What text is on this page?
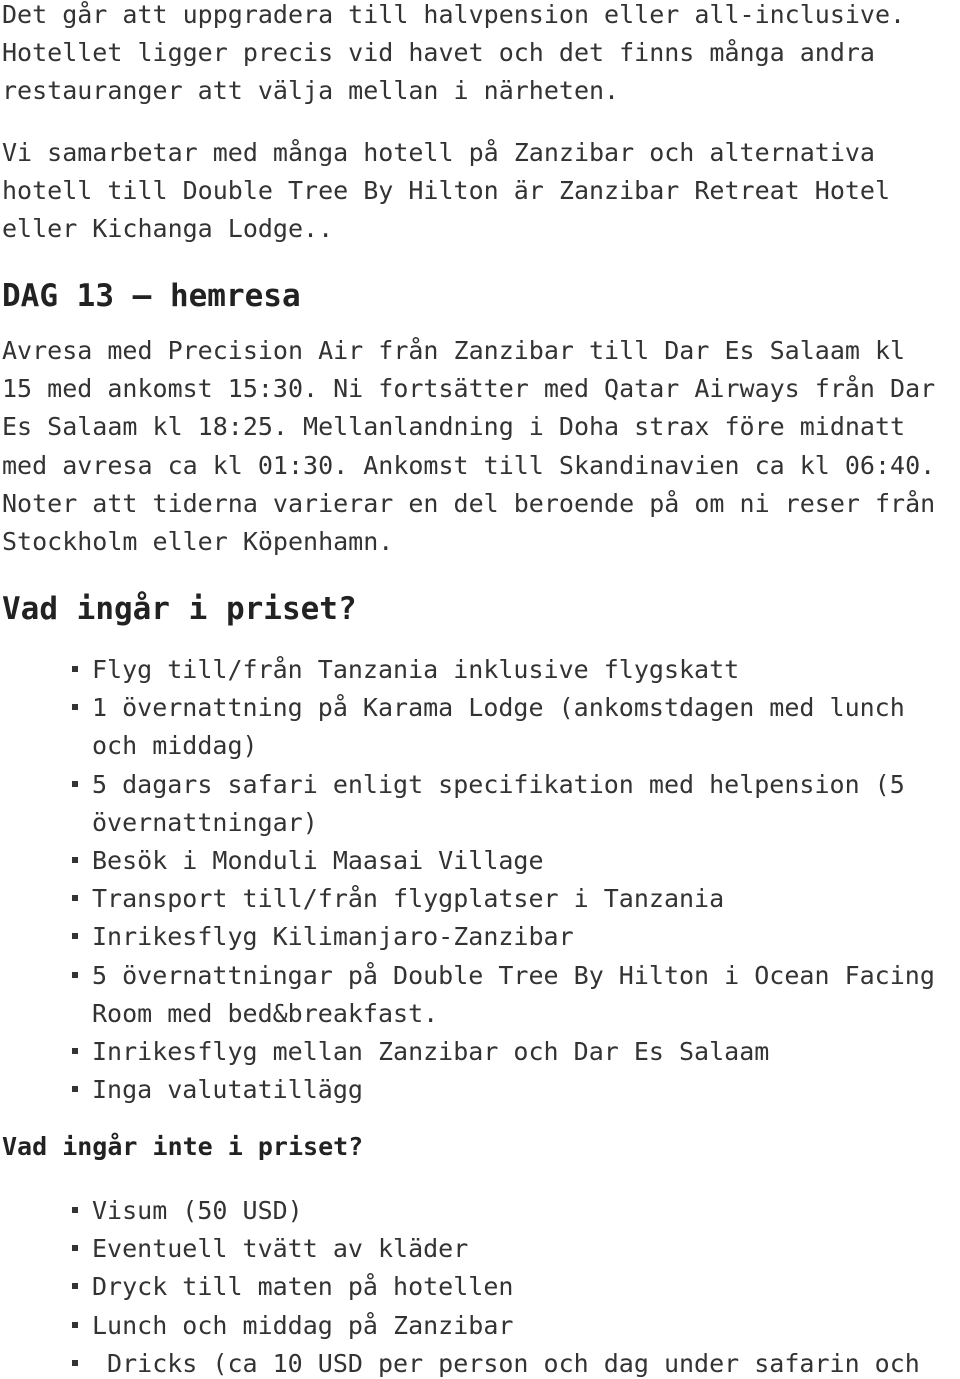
Det går att uppgradera till halvpension eller all-inclusive.
Hotellet ligger precis vid havet och det finns många andra
restauranger att välja mellan i närheten.
Vi samarbetar med många hotell på Zanzibar och alternativa
hotell till Double Tree By Hilton är Zanzibar Retreat Hotel
eller Kichanga Lodge..
DAG 13 – hemresa
Avresa med Precision Air från Zanzibar till Dar Es Salaam kl
15 med ankomst 15:30. Ni fortsätter med Qatar Airways från Dar
Es Salaam kl 18:25. Mellanlandning i Doha strax före midnatt
med avresa ca kl 01:30. Ankomst till Skandinavien ca kl 06:40.
Noter att tiderna varierar en del beroende på om ni reser från
Stockholm eller Köpenhamn.
Vad ingår i priset?
Flyg till/från Tanzania inklusive flygskatt
1 övernattning på Karama Lodge (ankomstdagen med lunch
och middag)
5 dagars safari enligt specifikation med helpension (5
övernattningar)
Besök i Monduli Maasai Village
Transport till/från flygplatser i Tanzania
Inrikesflyg Kilimanjaro-Zanzibar
5 övernattningar på Double Tree By Hilton i Ocean Facing
Room med bed&breakfast.
Inrikesflyg mellan Zanzibar och Dar Es Salaam
Inga valutatillägg
Vad ingår inte i priset?
Visum (50 USD)
Eventuell tvätt av kläder
Dryck till maten på hotellen
Lunch och middag på Zanzibar
Dricks (ca 10 USD per person och dag under safarin och
